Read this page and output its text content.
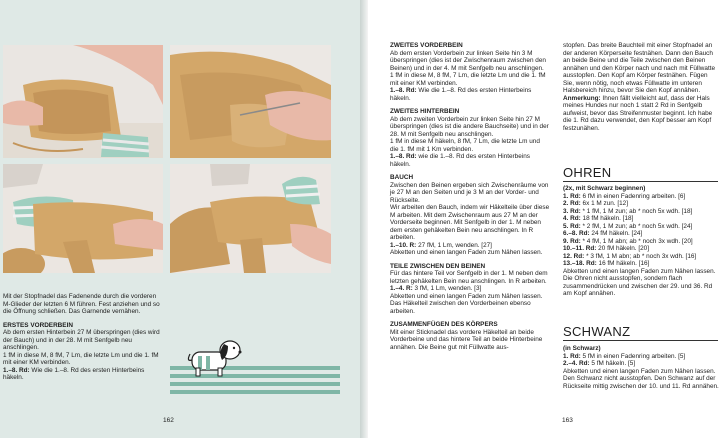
Mit der Stopfnadel das Fadenende durch die vorderen M-Glieder der letzten 6 M führen. Fest anziehen und so die Öffnung schließen. Das Garnende vernähen.

ERSTES VORDERBEIN

Ab dem ersten Hinterbein 27 M überspringen (dies wird der Bauch) und in der 28. M mit Senfgelb neu anschlingen.
1 fM in diese M, 8 fM, 7 Lm, die letzte Lm und die 1. fM mit einer KM verbinden.
1.–8. Rd: Wie die 1.–8. Rd des ersten Hinterbeins häkeln.

162
ZWEITES VORDERBEIN

Ab dem ersten Vorderbein zur linken Seite hin 3 M überspringen (dies ist der Zwischenraum zwischen den Beinen) und in der 4. M mit Senfgelb neu anschlingen.
1 fM in diese M, 8 fM, 7 Lm, die letzte Lm und die 1. fM mit einer KM verbinden.
1.–8. Rd: Wie die 1.–8. Rd des ersten Hinterbeins häkeln.

ZWEITES HINTERBEIN

Ab dem zweiten Vorderbein zur linken Seite hin 27 M überspringen (dies ist die andere Bauchseite) und in der 28. M mit Senfgelb neu anschlingen.
1 fM in diese M häkeln, 8 fM, 7 Lm, die letzte Lm und die 1. fM mit 1 Km verbinden.
1.–8. Rd: wie die 1.–8. Rd des ersten Hinterbeins häkeln.

BAUCH

Zwischen den Beinen ergeben sich Zwischenräume von je 27 M an den Seiten und je 3 M an der Vorder- und Rückseite.
Wir arbeiten den Bauch, indem wir Häkelteile über diese M arbeiten. Mit dem Zwischenraum aus 27 M an der Vorderseite beginnen. Mit Senfgelb in der 1. M neben dem ersten gehäkelten Bein neu anschlingen. In R arbeiten.
1.–10. R: 27 fM, 1 Lm, wenden. [27]
Abketten und einen langen Faden zum Nähen lassen.

TEILE ZWISCHEN DEN BEINEN

Für das hintere Teil vor Senfgelb in der 1. M neben dem letzten gehäkelten Bein neu anschlingen. In R arbeiten.
1.–4. R: 3 fM, 1 Lm, wenden. [3]
Abketten und einen langen Faden zum Nähen lassen. Das Häkelteil zwischen den Vorderbeinen ebenso arbeiten.

ZUSAMMENFÜGEN DES KÖRPERS

Mit einer Sticknadel das vordere Häkelteil an beide Vorderbeine und das hintere Teil an beide Hinterbeine annähen. Die Beine gut mit Füllwatte aus-

stopfen. Das breite Bauchteil mit einer Stopfnadel an der anderen Körperseite festnähen. Dann den Bauch an beide Beine und die Teile zwischen den Beinen annähen und den Körper nach und nach mit Füllwatte ausstopfen. Den Kopf am Körper festnähen. Fügen Sie, wenn nötig, noch etwas Füllwatte im unteren Halsbereich hinzu, bevor Sie den Kopf annähen.

Anmerkung: Ihnen fällt vielleicht auf, dass der Hals meines Hundes nur noch 1 statt 2 Rd in Senfgelb aufweist, bevor das Streifenmuster beginnt. Ich habe die 1. Rd dazu verwendet, den Kopf besser am Kopf festzunähen.

OHREN
(2x, mit Schwarz beginnen)
1. Rd: 6 fM in einen Fadenring arbeiten. [6]
2. Rd: 6x 1 M zun. [12]
3. Rd: * 1 fM, 1 M zun; ab * noch 5x wdh. [18]
4. Rd: 18 fM häkeln. [18]
5. Rd: * 2 fM, 1 M zun; ab * noch 5x wdh. [24]
6.–8. Rd: 24 fM häkeln. [24]
9. Rd: * 4 fM, 1 M abn; ab * noch 3x wdh. [20]
10.–11. Rd: 20 fM häkeln. [20]
12. Rd: * 3 fM, 1 M abn; ab * noch 3x wdh. [16]
13.–18. Rd: 16 fM häkeln. [16]

Abketten und einen langen Faden zum Nähen lassen. Die Ohren nicht ausstopfen, sondern flach zusammendrücken und zwischen der 29. und 36. Rd am Kopf annähen.

SCHWANZ
(in Schwarz)
1. Rd: 5 fM in einen Fadenring arbeiten. [5]
2.–4. Rd: 5 fM häkeln. [5]

Abketten und einen langen Faden zum Nähen lassen. Den Schwanz nicht ausstopfen. Den Schwanz auf der Rückseite mittig zwischen der 10. und 11. Rd annähen.

163
